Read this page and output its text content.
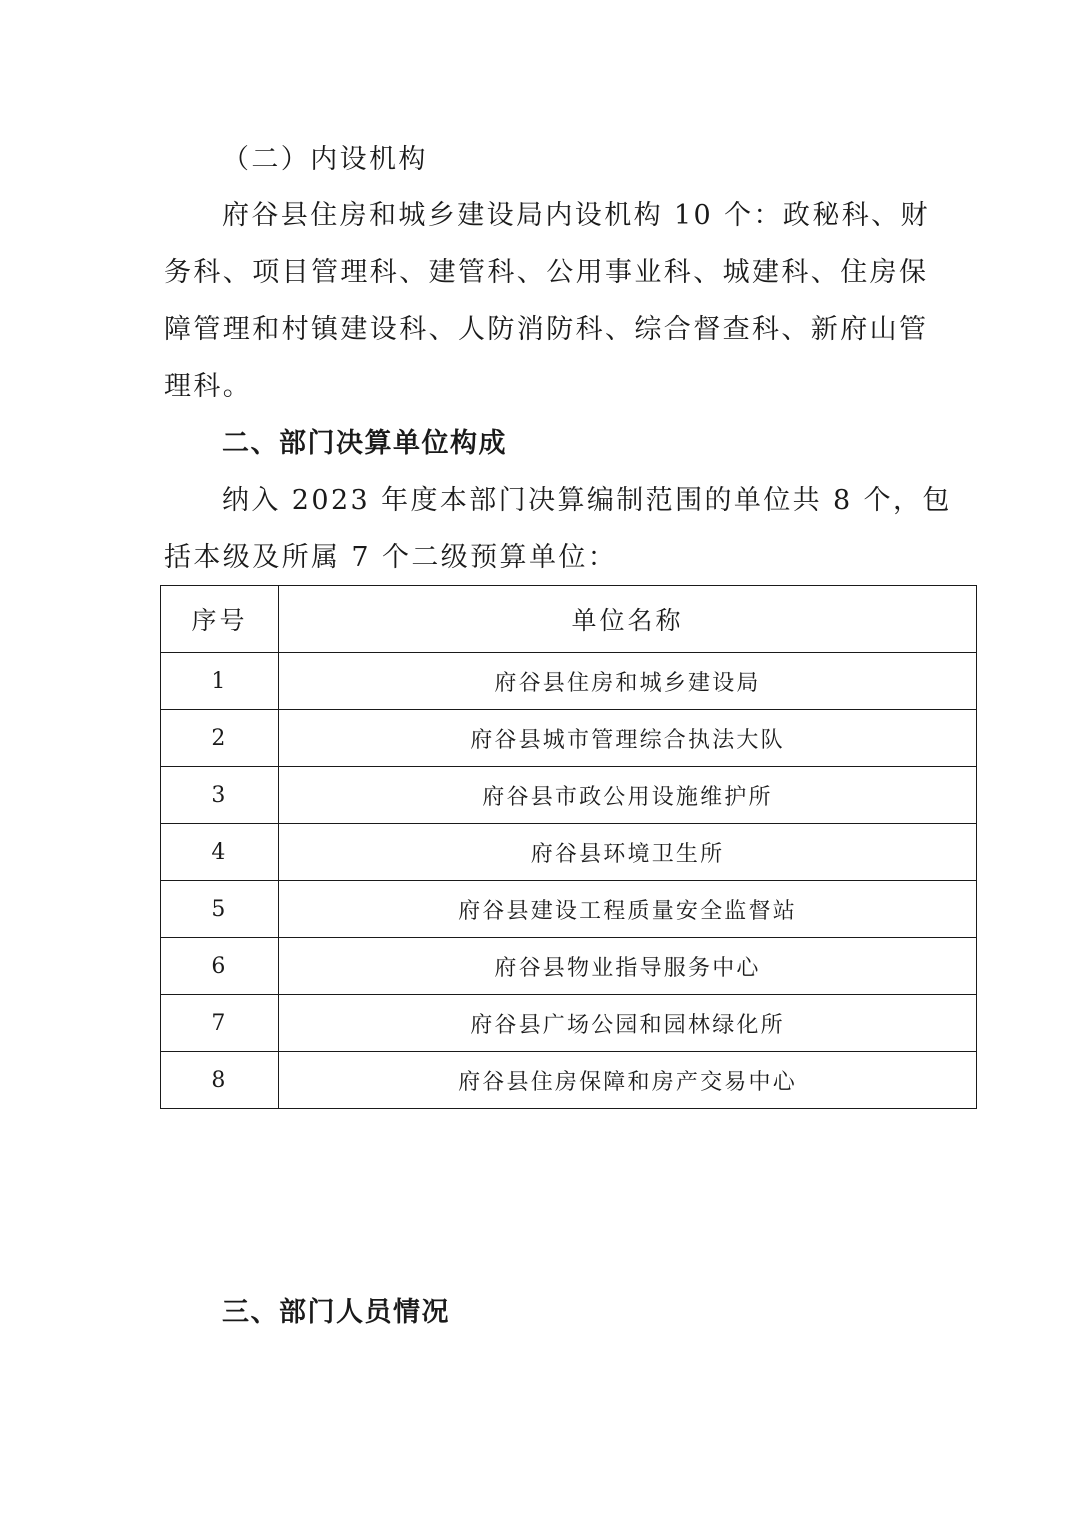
（二）内设机构
府谷县住房和城乡建设局内设机构 10 个：政秘科、财
务科、项目管理科、建管科、公用事业科、城建科、住房保
障管理和村镇建设科、人防消防科、综合督查科、新府山管
理科。
二、部门决算单位构成
纳入 2023 年度本部门决算编制范围的单位共 8 个，包
括本级及所属 7 个二级预算单位：
序号	单位名称
1	府谷县住房和城乡建设局
2	府谷县城市管理综合执法大队
3	府谷县市政公用设施维护所
4	府谷县环境卫生所
5	府谷县建设工程质量安全监督站
6	府谷县物业指导服务中心
7	府谷县广场公园和园林绿化所
8	府谷县住房保障和房产交易中心
三、部门人员情况
